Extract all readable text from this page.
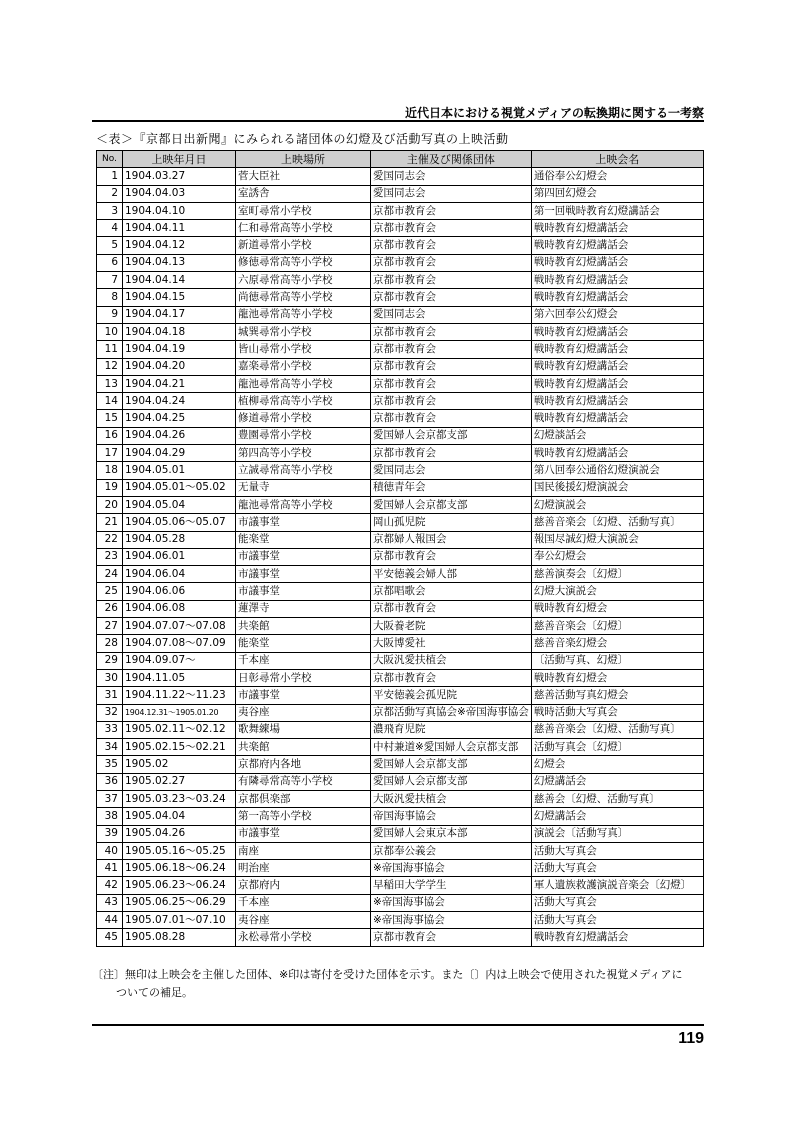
近代日本における視覚メディアの転換期に関する一考察
＜表＞『京都日出新聞』にみられる諸団体の幻燈及び活動写真の上映活動
No.	上映年月日	上映場所	主催及び関係団体	上映会名
1	1904.03.27	菅大臣社	愛国同志会	通俗奉公幻燈会
2	1904.04.03	室誘舎	愛国同志会	第四回幻燈会
3	1904.04.10	室町尋常小学校	京都市教育会	第一回戦時教育幻燈講話会
4	1904.04.11	仁和尋常高等小学校	京都市教育会	戦時教育幻燈講話会
5	1904.04.12	新道尋常小学校	京都市教育会	戦時教育幻燈講話会
6	1904.04.13	修徳尋常高等小学校	京都市教育会	戦時教育幻燈講話会
7	1904.04.14	六原尋常高等小学校	京都市教育会	戦時教育幻燈講話会
8	1904.04.15	尚徳尋常高等小学校	京都市教育会	戦時教育幻燈講話会
9	1904.04.17	龍池尋常高等小学校	愛国同志会	第六回奉公幻燈会
10	1904.04.18	城巽尋常小学校	京都市教育会	戦時教育幻燈講話会
11	1904.04.19	皆山尋常小学校	京都市教育会	戦時教育幻燈講話会
12	1904.04.20	嘉楽尋常小学校	京都市教育会	戦時教育幻燈講話会
13	1904.04.21	龍池尋常高等小学校	京都市教育会	戦時教育幻燈講話会
14	1904.04.24	植柳尋常高等小学校	京都市教育会	戦時教育幻燈講話会
15	1904.04.25	修道尋常小学校	京都市教育会	戦時教育幻燈講話会
16	1904.04.26	豊園尋常小学校	愛国婦人会京都支部	幻燈談話会
17	1904.04.29	第四高等小学校	京都市教育会	戦時教育幻燈講話会
18	1904.05.01	立誠尋常高等小学校	愛国同志会	第八回奉公通俗幻燈演説会
19	1904.05.01～05.02	无量寺	積徳青年会	国民後援幻燈演説会
20	1904.05.04	龍池尋常高等小学校	愛国婦人会京都支部	幻燈演説会
21	1904.05.06～05.07	市議事堂	岡山孤児院	慈善音楽会〔幻燈、活動写真〕
22	1904.05.28	能楽堂	京都婦人報国会	報国尽誠幻燈大演説会
23	1904.06.01	市議事堂	京都市教育会	奉公幻燈会
24	1904.06.04	市議事堂	平安徳義会婦人部	慈善演奏会〔幻燈〕
25	1904.06.06	市議事堂	京都唱歌会	幻燈大演説会
26	1904.06.08	蓮澤寺	京都市教育会	戦時教育幻燈会
27	1904.07.07～07.08	共楽館	大阪養老院	慈善音楽会〔幻燈〕
28	1904.07.08～07.09	能楽堂	大阪博愛社	慈善音楽幻燈会
29	1904.09.07～	千本座	大阪汎愛扶植会	〔活動写真、幻燈〕
30	1904.11.05	日彰尋常小学校	京都市教育会	戦時教育幻燈会
31	1904.11.22～11.23	市議事堂	平安徳義会孤児院	慈善活動写真幻燈会
32	1904.12.31～1905.01.20	夷谷座	京都活動写真協会※帝国海事協会	戦時活動大写真会
33	1905.02.11～02.12	歌舞練場	濃飛育児院	慈善音楽会〔幻燈、活動写真〕
34	1905.02.15～02.21	共楽館	中村兼道※愛国婦人会京都支部	活動写真会〔幻燈〕
35	1905.02	京都府内各地	愛国婦人会京都支部	幻燈会
36	1905.02.27	有隣尋常高等小学校	愛国婦人会京都支部	幻燈講話会
37	1905.03.23～03.24	京都倶楽部	大阪汎愛扶植会	慈善会〔幻燈、活動写真〕
38	1905.04.04	第一高等小学校	帝国海事協会	幻燈講話会
39	1905.04.26	市議事堂	愛国婦人会東京本部	演説会〔活動写真〕
40	1905.05.16～05.25	南座	京都奉公義会	活動大写真会
41	1905.06.18～06.24	明治座	※帝国海事協会	活動大写真会
42	1905.06.23～06.24	京都府内	早稲田大学学生	軍人遺族救護演説音楽会〔幻燈〕
43	1905.06.25～06.29	千本座	※帝国海事協会	活動大写真会
44	1905.07.01～07.10	夷谷座	※帝国海事協会	活動大写真会
45	1905.08.28	永松尋常小学校	京都市教育会	戦時教育幻燈講話会
〔注〕無印は上映会を主催した団体、※印は寄付を受けた団体を示す。また〔〕内は上映会で使用された視覚メディアに
ついての補足。
119
